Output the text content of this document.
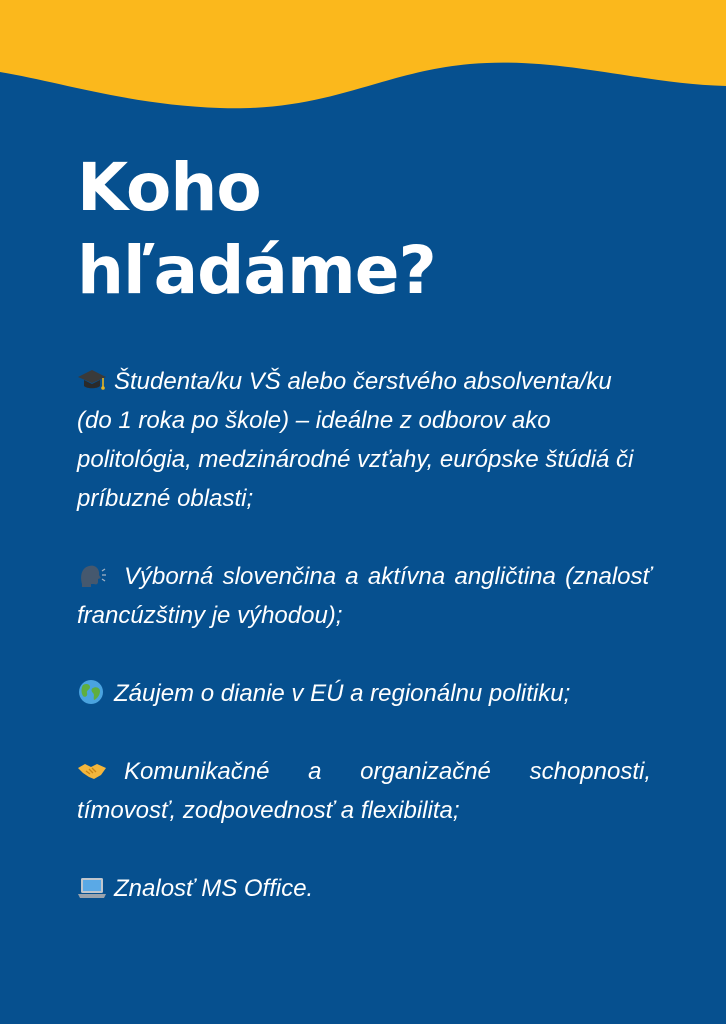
Koho
hľadáme?
Študenta/ku VŠ alebo čerstvého absolventa/ku (do 1 roka po škole) – ideálne z odborov ako politológia, medzinárodné vzťahy, európske štúdiá či príbuzné oblasti;
Výborná slovenčina a aktívna angličtina (znalosť francúzštiny je výhodou);
Záujem o dianie v EÚ a regionálnu politiku;
Komunikačné a organizačné schopnosti, tímovosť, zodpovednosť a flexibilita;
Znalosť MS Office.
